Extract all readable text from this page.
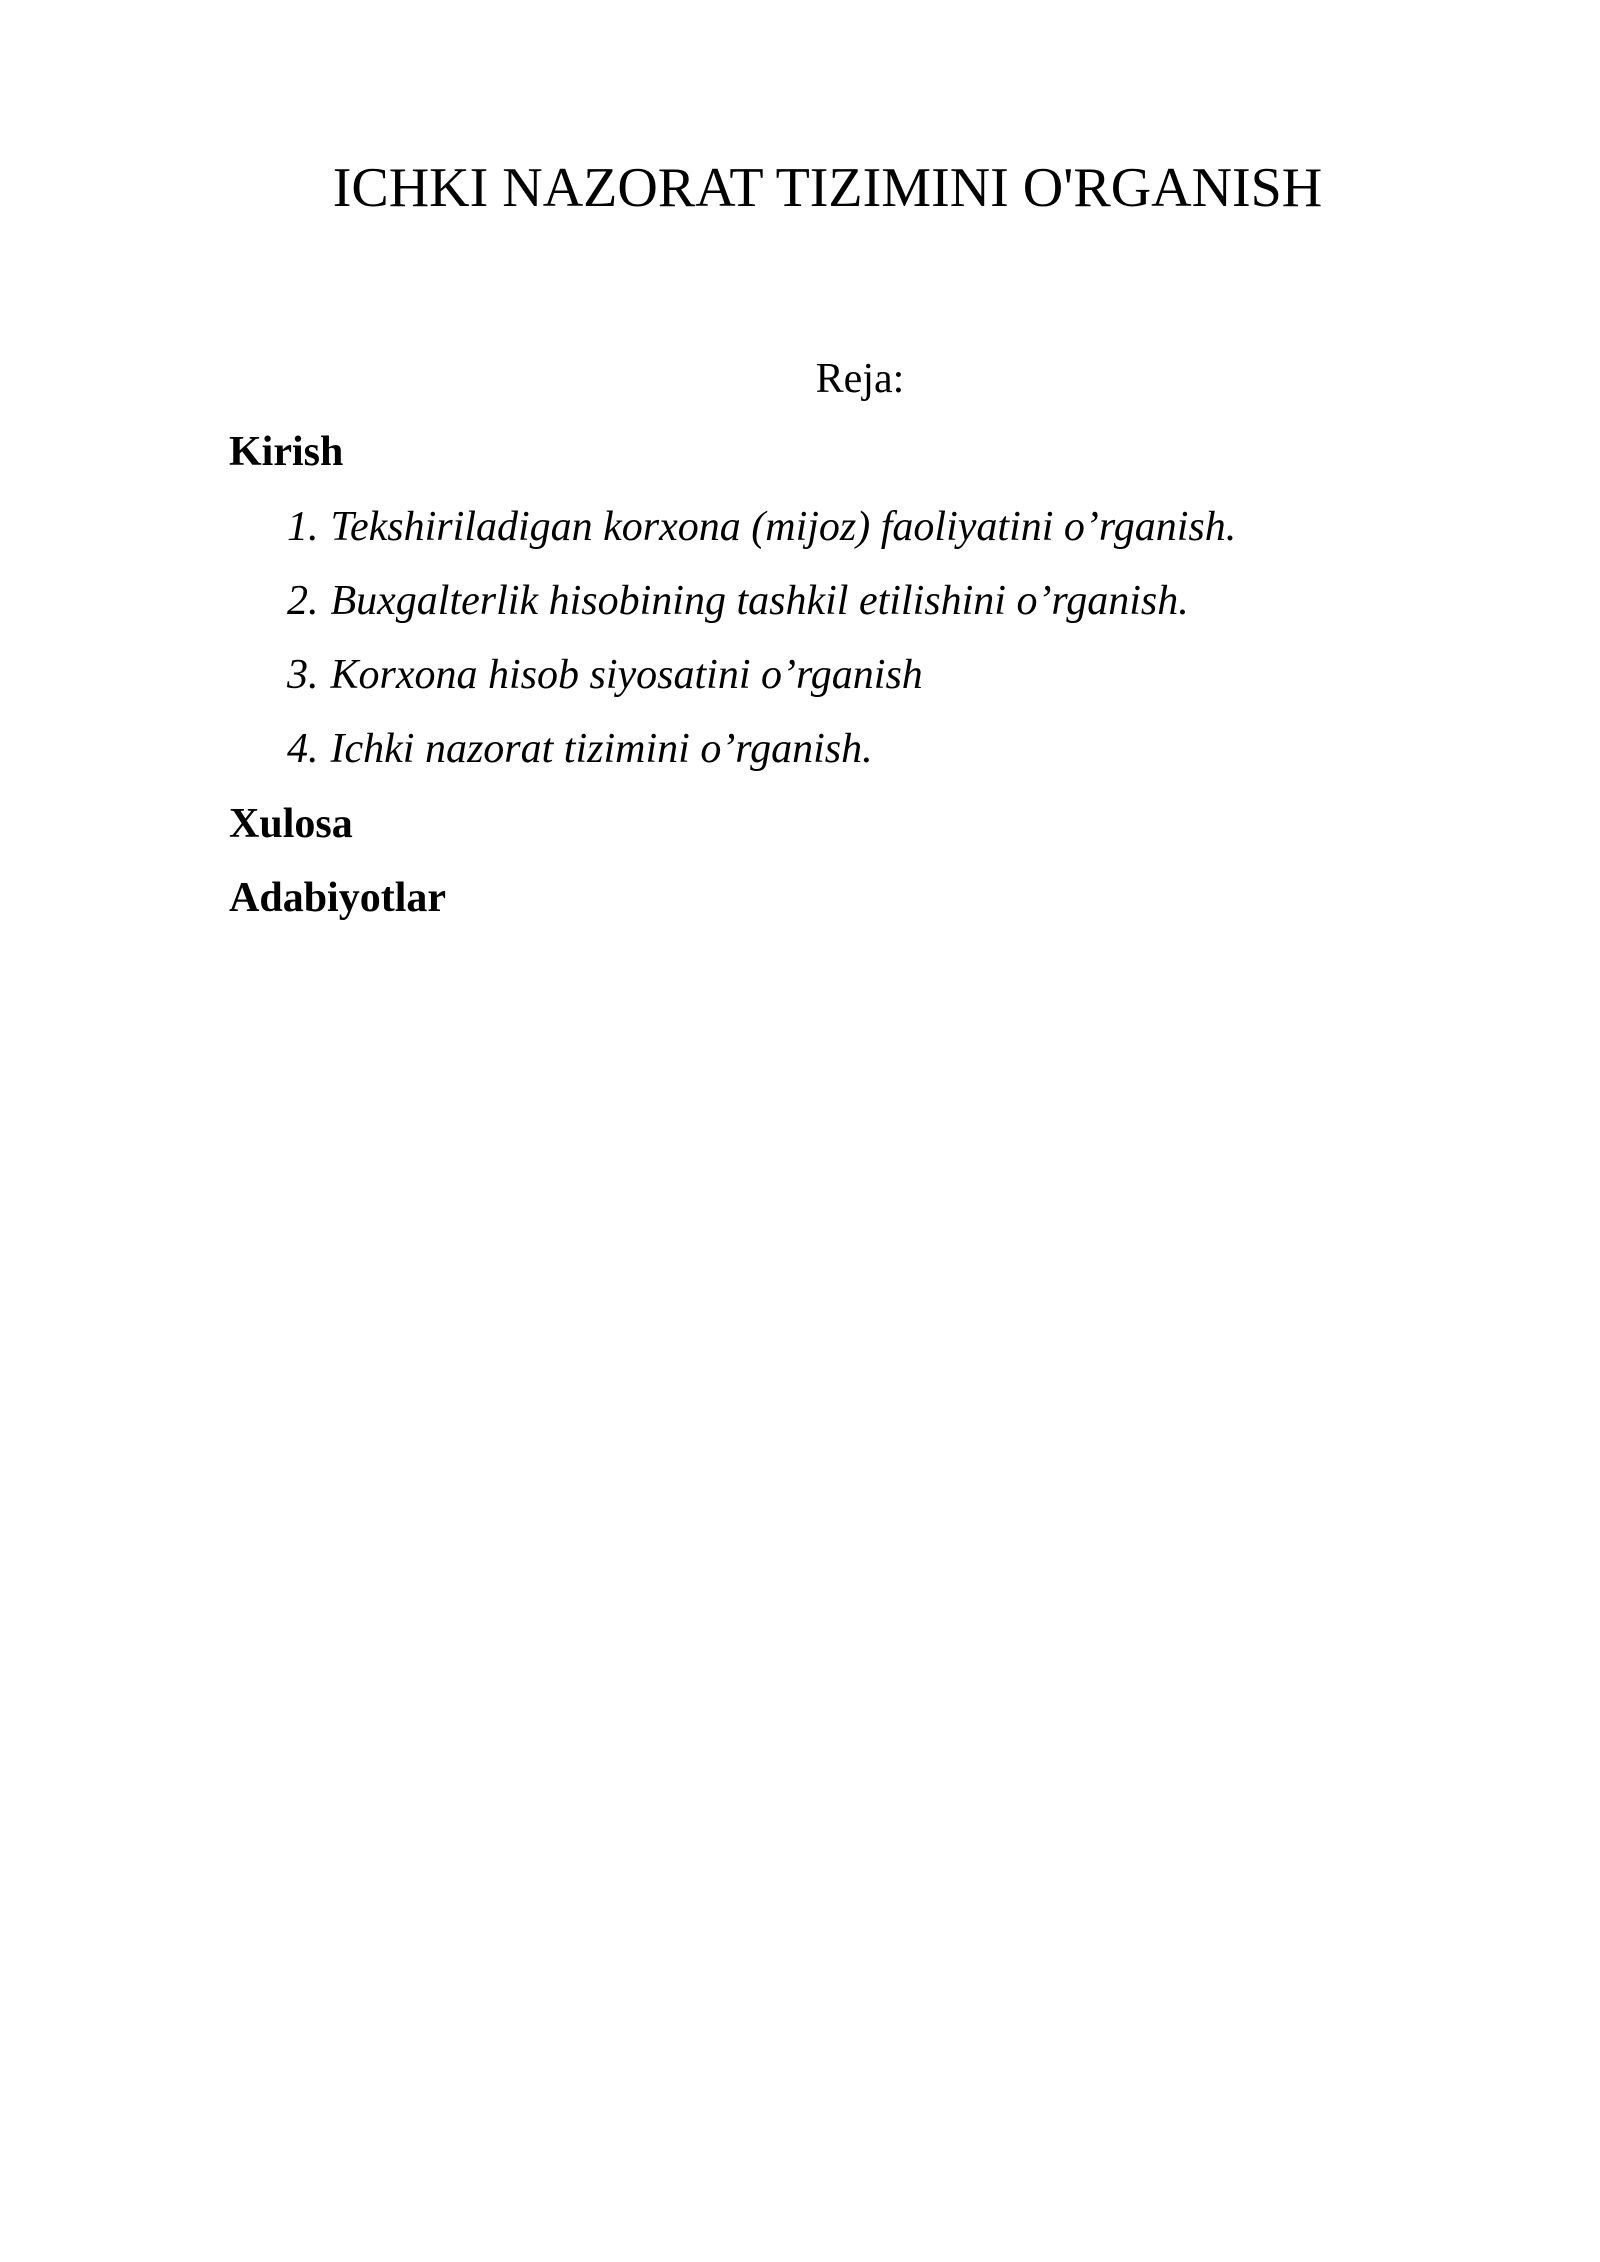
ICHKI NAZORAT TIZIMINI O'RGANISH

Reja:

Kirish

1. Tekshiriladigan korxona (mijoz) faoliyatini o’rganish.

2. Buxgalterlik hisobining tashkil etilishini o’rganish.

3. Korxona hisob siyosatini o’rganish

4. Ichki nazorat tizimini o’rganish.

Xulosa

Adabiyotlar
